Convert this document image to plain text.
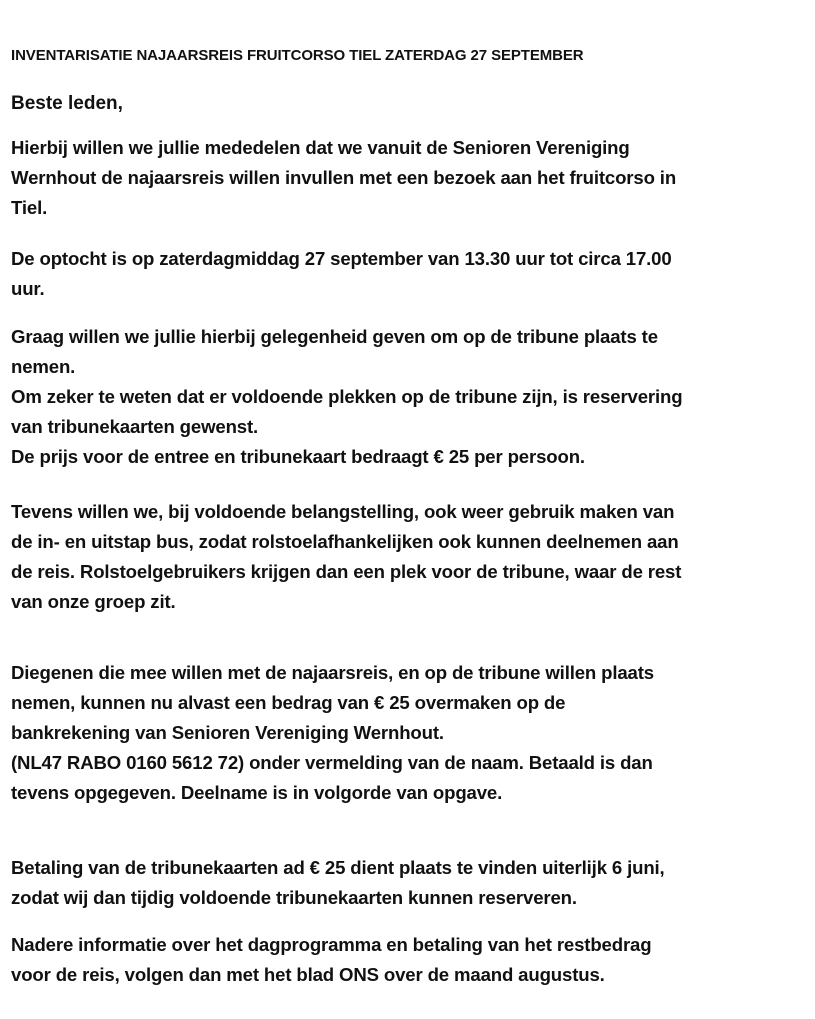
INVENTARISATIE NAJAARSREIS FRUITCORSO TIEL ZATERDAG 27 SEPTEMBER
Beste leden,
Hierbij willen we jullie mededelen dat we vanuit de Senioren Vereniging
Wernhout de najaarsreis willen invullen met een bezoek aan het fruitcorso in
Tiel.
De optocht is op zaterdagmiddag 27 september van 13.30 uur tot circa 17.00
uur.
Graag willen we jullie hierbij gelegenheid geven om op de tribune plaats te
nemen.
Om zeker te weten dat er voldoende plekken op de tribune zijn, is reservering
van tribunekaarten gewenst.
De prijs voor de entree en tribunekaart bedraagt € 25 per persoon.
Tevens willen we, bij voldoende belangstelling, ook weer gebruik maken van
de in- en uitstap bus, zodat rolstoelafhankelijken ook kunnen deelnemen aan
de reis. Rolstoelgebruikers krijgen dan een plek voor de tribune, waar de rest
van onze groep zit.
Diegenen die mee willen met de najaarsreis, en op de tribune willen plaats
nemen, kunnen nu alvast een bedrag van € 25 overmaken op de
bankrekening van Senioren Vereniging Wernhout.
(NL47 RABO 0160 5612 72) onder vermelding van de naam. Betaald is dan
tevens opgegeven. Deelname is in volgorde van opgave.
Betaling van de tribunekaarten ad € 25 dient plaats te vinden uiterlijk 6 juni,
zodat wij dan tijdig voldoende tribunekaarten kunnen reserveren.
Nadere informatie over het dagprogramma en betaling van het restbedrag
voor de reis, volgen dan met het blad ONS over de maand augustus.
